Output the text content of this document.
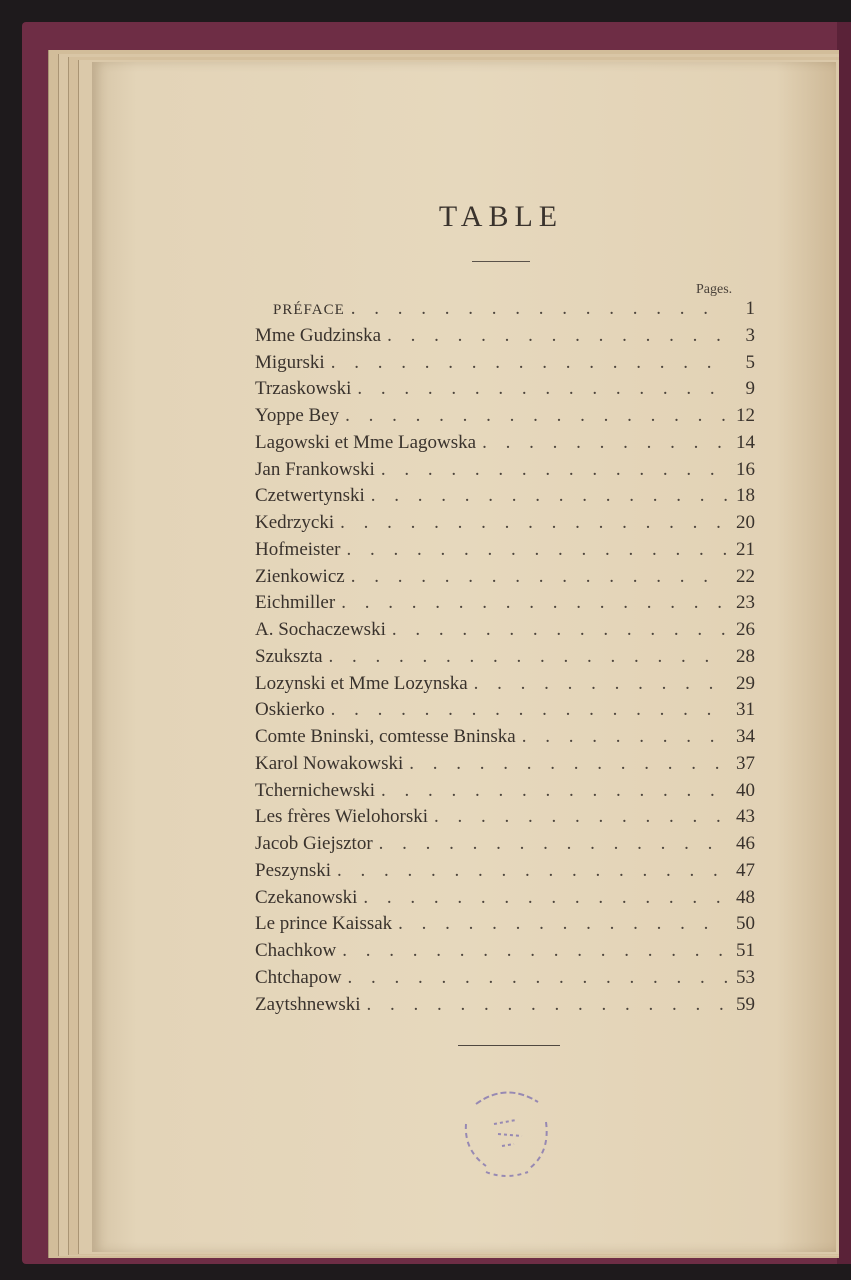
TABLE
Pages.
PRÉFACE . . .	1
Mme Gudzinska . . .	3
Migurski . . .	5
Trzaskowski . . .	9
Yoppe Bey . . .	12
Lagowski et Mme Lagowska . . .	14
Jan Frankowski . . .	16
Czetwertynski . . .	18
Kedrzycki . . .	20
Hofmeister . . .	21
Zienkowicz . . .	22
Eichmiller . . .	23
A. Sochaczewski . . .	26
Szukszta . . .	28
Lozynski et Mme Lozynska . . .	29
Oskierko . . .	31
Comte Bninski, comtesse Bninska . . .	34
Karol Nowakowski . . .	37
Tchernichewski . . .	40
Les frères Wielohorski . . .	43
Jacob Giejsztor . . .	46
Peszynski . . .	47
Czekanowski . . .	48
Le prince Kaissak . . .	50
Chachkow . . .	51
Chtchapow . . .	53
Zaytshnewski . . .	59
